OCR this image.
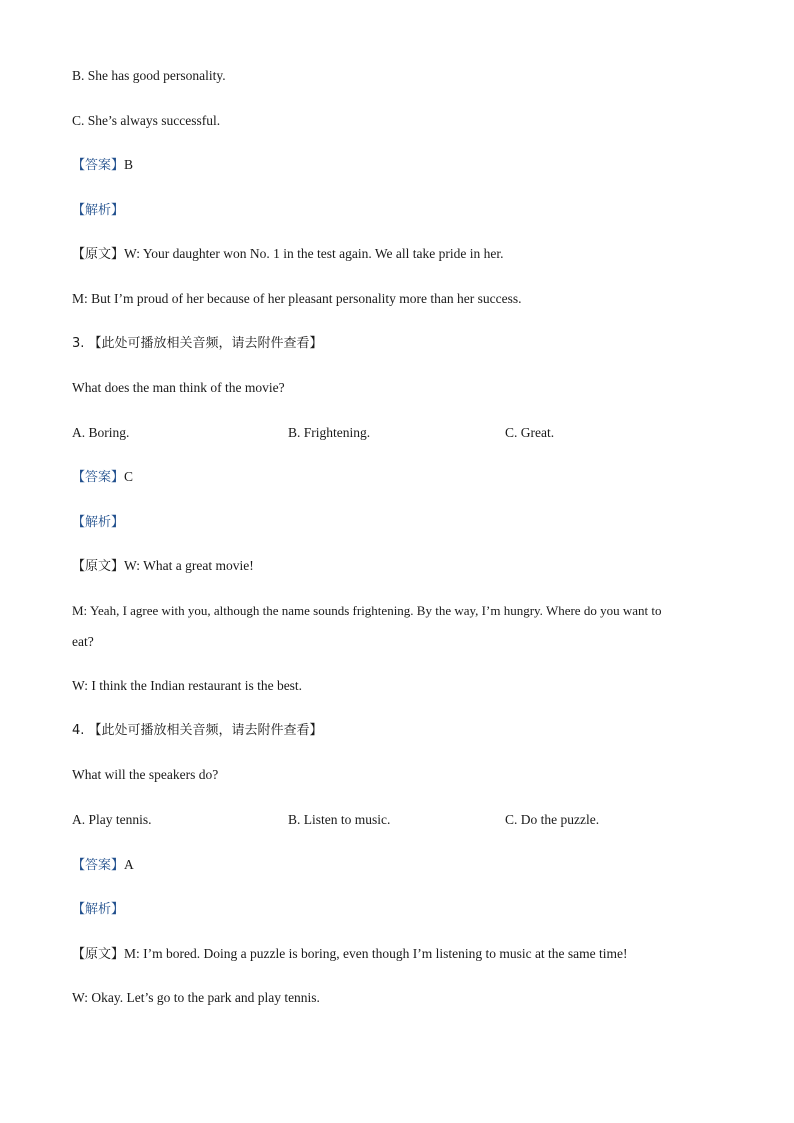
B. She has good personality.
C. She’s always successful.
【答案】B
【解析】
【原文】W: Your daughter won No. 1 in the test again. We all take pride in her.
M: But I’m proud of her because of her pleasant personality more than her success.
3. 【此处可播放相关音频，请去附件查看】
What does the man think of the movie?
A. Boring.	B. Frightening.	C. Great.
【答案】C
【解析】
【原文】W: What a great movie!
M: Yeah, I agree with you, although the name sounds frightening. By the way, I’m hungry. Where do you want to
eat?
W: I think the Indian restaurant is the best.
4. 【此处可播放相关音频，请去附件查看】
What will the speakers do?
A. Play tennis.	B. Listen to music.	C. Do the puzzle.
【答案】A
【解析】
【原文】M: I’m bored. Doing a puzzle is boring, even though I’m listening to music at the same time!
W: Okay. Let’s go to the park and play tennis.
